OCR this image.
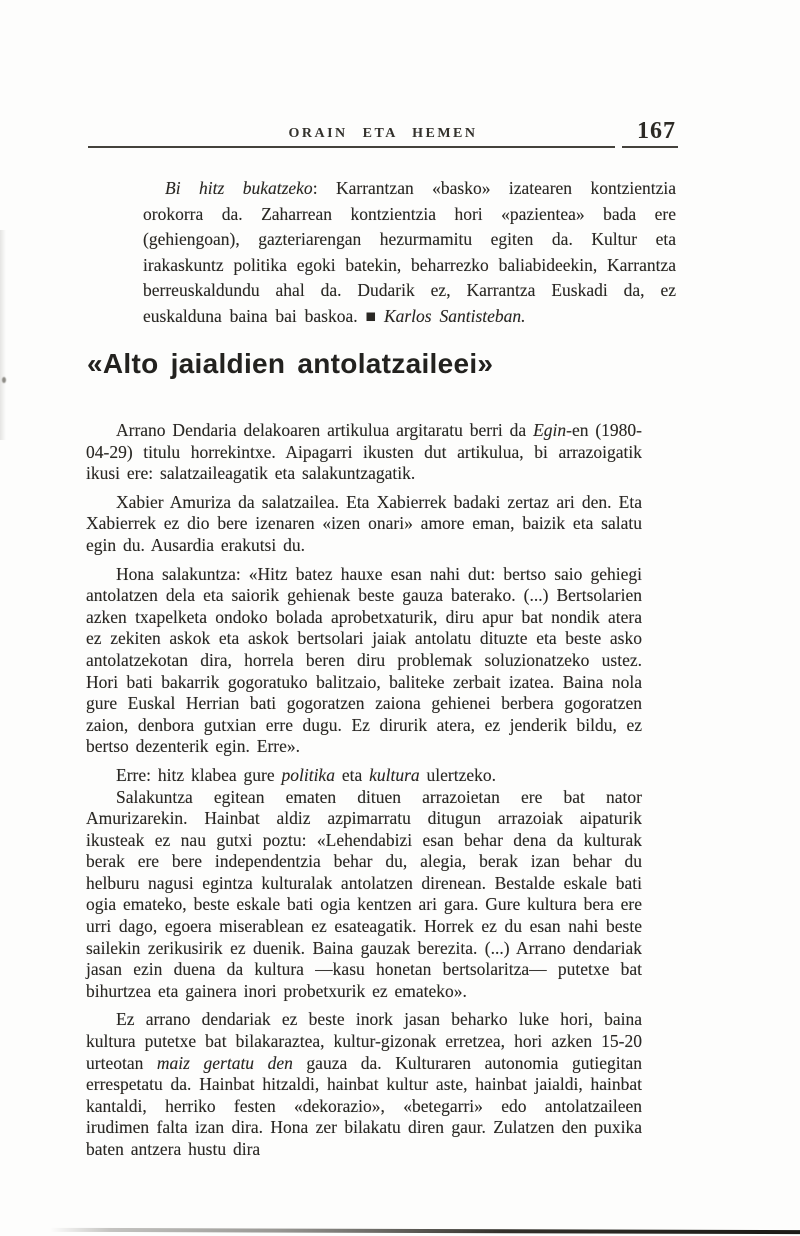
ORAIN ETA HEMEN	167
Bi hitz bukatzeko: Karrantzan «basko» izatearen kontzientzia orokorra da. Zaharrean kontzientzia hori «pazientea» bada ere (gehiengoan), gazteriarengan hezurmamitu egiten da. Kultur eta irakaskuntz politika egoki batekin, beharrezko baliabideekin, Karrantza berreuskaldundu ahal da. Dudarik ez, Karrantza Euskadi da, ez euskalduna baina bai baskoa. ■ Karlos Santisteban.
«Alto jaialdien antolatzaileei»
Arrano Dendaria delakoaren artikulua argitaratu berri da Egin-en (1980-04-29) titulu horrekintxe. Aipagarri ikusten dut artikulua, bi arrazoigatik ikusi ere: salatzaileagatik eta salakuntzagatik.
Xabier Amuriza da salatzailea. Eta Xabierrek badaki zertaz ari den. Eta Xabierrek ez dio bere izenaren «izen onari» amore eman, baizik eta salatu egin du. Ausardia erakutsi du.
Hona salakuntza: «Hitz batez hauxe esan nahi dut: bertso saio gehiegi antolatzen dela eta saiorik gehienak beste gauza baterako. (...) Bertsolarien azken txapelketa ondoko bolada aprobetxaturik, diru apur bat nondik atera ez zekiten askok eta askok bertsolari jaiak antolatu dituzte eta beste asko antolatzekotan dira, horrela beren diru problemak soluzionatzeko ustez. Hori bati bakarrik gogoratuko balitzaio, baliteke zerbait izatea. Baina nola gure Euskal Herrian bati gogoratzen zaiona gehienei berbera gogoratzen zaion, denbora gutxian erre dugu. Ez dirurik atera, ez jenderik bildu, ez bertso dezenterik egin. Erre».
Erre: hitz klabea gure politika eta kultura ulertzeko.
Salakuntza egitean ematen dituen arrazoietan ere bat nator Amurizarekin. Hainbat aldiz azpimarratu ditugun arrazoiak aipaturik ikusteak ez nau gutxi poztu: «Lehendabizi esan behar dena da kulturak berak ere bere independentzia behar du, alegia, berak izan behar du helburu nagusi egintza kulturalak antolatzen direnean. Bestalde eskale bati ogia emateko, beste eskale bati ogia kentzen ari gara. Gure kultura bera ere urri dago, egoera miserablean ez esateagatik. Horrek ez du esan nahi beste sailekin zerikusirik ez duenik. Baina gauzak berezita. (...) Arrano dendariak jasan ezin duena da kultura —kasu honetan bertsolaritza— putetxe bat bihurtzea eta gainera inori probetxurik ez emateko».
Ez arrano dendariak ez beste inork jasan beharko luke hori, baina kultura putetxe bat bilakaraztea, kultur-gizonak erretzea, hori azken 15-20 urteotan maiz gertatu den gauza da. Kulturaren autonomia gutiegitan errespetatu da. Hainbat hitzaldi, hainbat kultur aste, hainbat jaialdi, hainbat kantaldi, herriko festen «dekorazio», «betegarri» edo antolatzaileen irudimen falta izan dira. Hona zer bilakatu diren gaur. Zulatzen den puxika baten antzera hustu dira
